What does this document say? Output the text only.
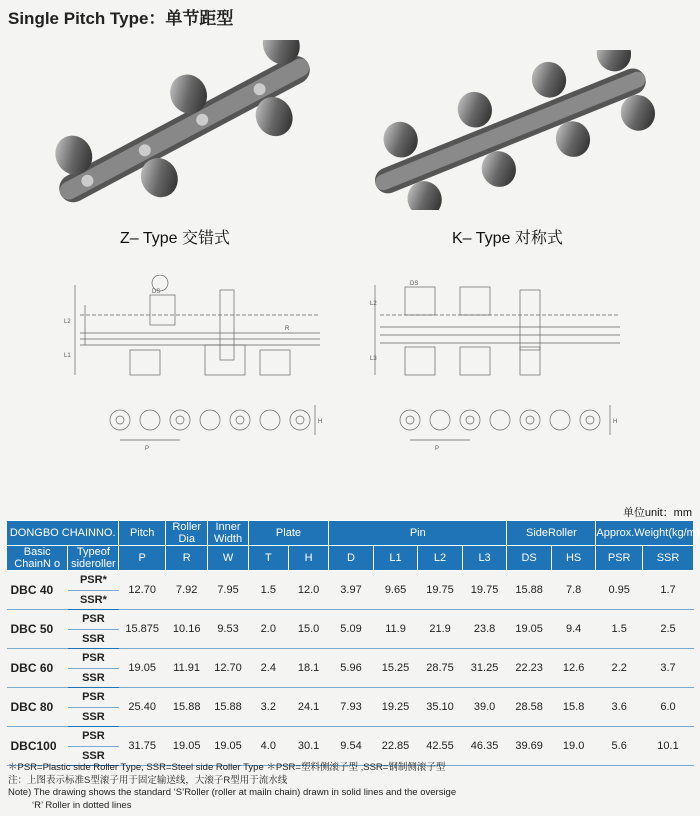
Single Pitch Type：单节距型
Z– Type 交错式	K– Type 对称式
DS
L2
L1
R
P
H
DS
L2
L3
P
H
单位unit：mm
DONGBO CHAINNO.		Pitch	Roller Dia	Inner Width	Plate		Pin				SideRoller		Approx.Weight(kg/m)	
Basic ChainN o	Typeof sideroller	P	R	W	T	H	D	L1	L2	L3	DS	HS	PSR	SSR
DBC 40	PSR*	12.70	7.92	7.95	1.5	12.0	3.97	9.65	19.75	19.75	15.88	7.8	0.95	1.7
	SSR*													
DBC 50	PSR	15.875	10.16	9.53	2.0	15.0	5.09	11.9	21.9	23.8	19.05	9.4	1.5	2.5
	SSR													
DBC 60	PSR	19.05	11.91	12.70	2.4	18.1	5.96	15.25	28.75	31.25	22.23	12.6	2.2	3.7
	SSR													
DBC 80	PSR	25.40	15.88	15.88	3.2	24.1	7.93	19.25	35.10	39.0	28.58	15.8	3.6	6.0
	SSR													
DBC100	PSR	31.75	19.05	19.05	4.0	30.1	9.54	22.85	42.55	46.35	39.69	19.0	5.6	10.1
	SSR													
＊PSR=Plastic side Roller Type, SSR=Steel side Roller Type ＊PSR=塑料侧滚子型 ,SSR=钢制侧滚子型
注：上图表示标准S型滚子用于固定输送线，大滚子R型用于流水线
Note) The drawing shows the standard ‘S’Roller (roller at mailn chain) drawn in solid lines and the oversige
‘R’ Roller in dotted lines
